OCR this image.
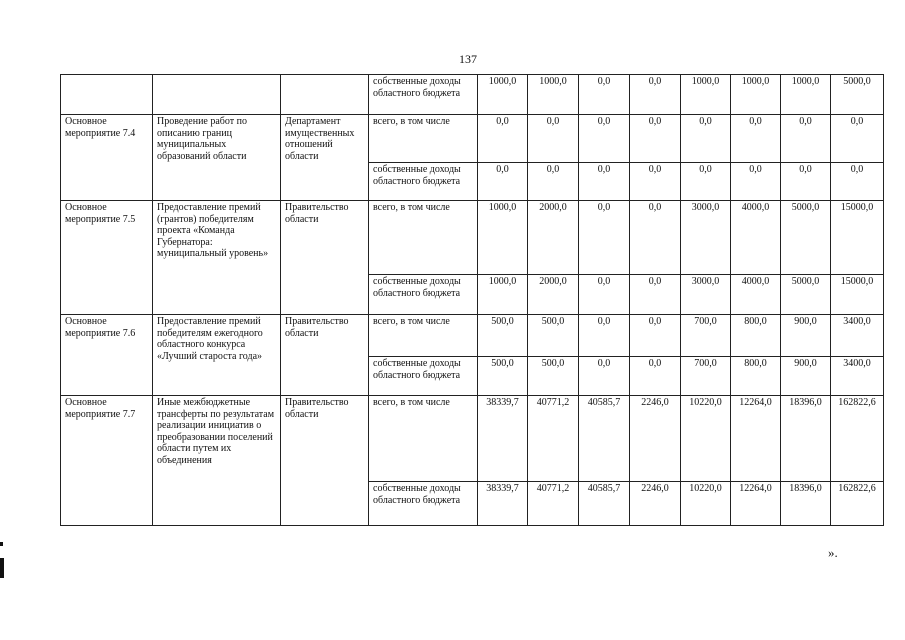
137
			собственные доходы областного бюджета	1000,0	1000,0	0,0	0,0	1000,0	1000,0	1000,0	5000,0
Основное мероприятие 7.4	Проведение работ по описанию границ муниципальных образований области	Департамент имущественных отношений области	всего, в том числе	0,0	0,0	0,0	0,0	0,0	0,0	0,0	0,0
			собственные доходы областного бюджета	0,0	0,0	0,0	0,0	0,0	0,0	0,0	0,0
Основное мероприятие 7.5	Предоставление премий (грантов) победителям проекта «Команда Губернатора: муниципальный уровень»	Правительство области	всего, в том числе	1000,0	2000,0	0,0	0,0	3000,0	4000,0	5000,0	15000,0
			собственные доходы областного бюджета	1000,0	2000,0	0,0	0,0	3000,0	4000,0	5000,0	15000,0
Основное мероприятие 7.6	Предоставление премий победителям ежегодного областного конкурса «Лучший староста года»	Правительство области	всего, в том числе	500,0	500,0	0,0	0,0	700,0	800,0	900,0	3400,0
			собственные доходы областного бюджета	500,0	500,0	0,0	0,0	700,0	800,0	900,0	3400,0
Основное мероприятие 7.7	Иные межбюджетные трансферты по результатам реализации инициатив о преобразовании поселений области путем их объединения	Правительство области	всего, в том числе	38339,7	40771,2	40585,7	2246,0	10220,0	12264,0	18396,0	162822,6
			собственные доходы областного бюджета	38339,7	40771,2	40585,7	2246,0	10220,0	12264,0	18396,0	162822,6
».
